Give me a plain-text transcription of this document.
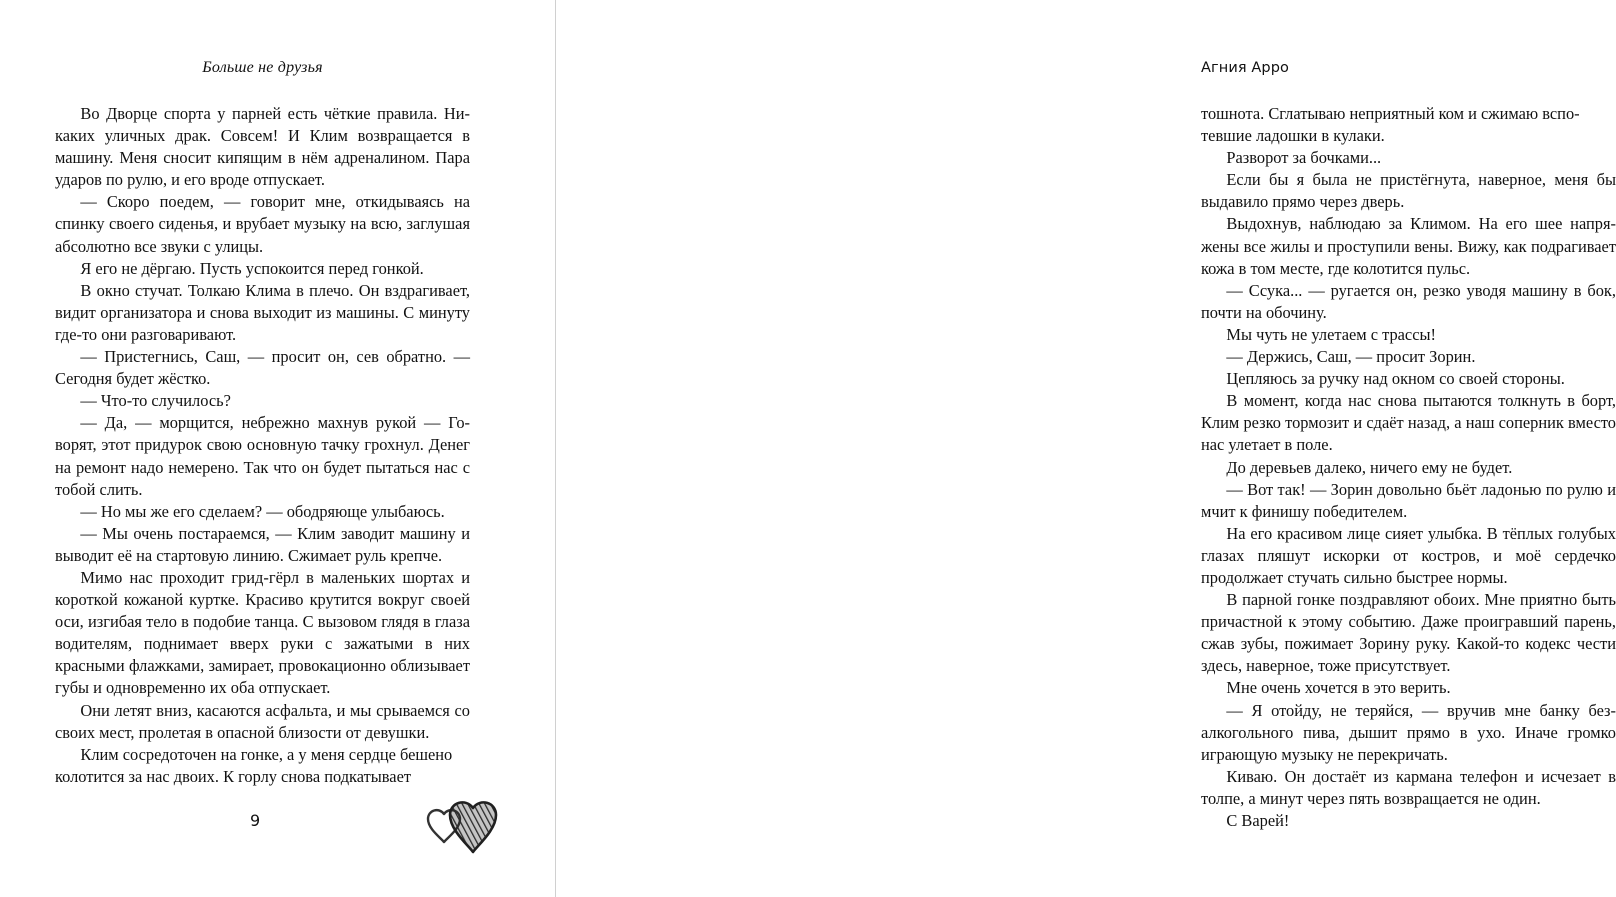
Больше не друзья

Во Дворце спорта у парней есть чёткие правила. Никаких уличных драк. Совсем! И Клим возвращается в машину. Меня сносит кипящим в нём адреналином. Пара ударов по рулю, и его вроде отпускает.

— Скоро поедем, — говорит мне, откидываясь на спинку своего сиденья, и врубает музыку на всю, заглушая абсолютно все звуки с улицы.

Я его не дёргаю. Пусть успокоится перед гонкой.

В окно стучат. Толкаю Клима в плечо. Он вздрагивает, видит организатора и снова выходит из машины. С минуту где-то они разговаривают.

— Пристегнись, Саш, — просит он, сев обратно. — Сегодня будет жёстко.

— Что-то случилось?

— Да, — морщится, небрежно махнув рукой — Говорят, этот придурок свою основную тачку грохнул. Денег на ремонт надо немерено. Так что он будет пытаться нас с тобой слить.

— Но мы же его сделаем? — ободряюще улыбаюсь.

— Мы очень постараемся, — Клим заводит машину и выводит её на стартовую линию. Сжимает руль крепче.

Мимо нас проходит грид-гёрл в маленьких шортах и короткой кожаной куртке. Красиво крутится вокруг своей оси, изгибая тело в подобие танца. С вызовом глядя в глаза водителям, поднимает вверх руки с зажатыми в них красными флажками, замирает, провокационно облизывает губы и одновременно их оба отпускает.

Они летят вниз, касаются асфальта, и мы срываемся со своих мест, пролетая в опасной близости от девушки.

Клим сосредоточен на гонке, а у меня сердце бешено колотится за нас двоих. К горлу снова подкатывает

9
Агния Арро

тошнота. Сглатываю неприятный ком и сжимаю вспотевшие ладошки в кулаки.

Разворот за бочками...

Если бы я была не пристёгнута, наверное, меня бы выдавило прямо через дверь.

Выдохнув, наблюдаю за Климом. На его шее напряжены все жилы и проступили вены. Вижу, как подрагивает кожа в том месте, где колотится пульс.

— Ссука... — ругается он, резко уводя машину в бок, почти на обочину.

Мы чуть не улетаем с трассы!

— Держись, Саш, — просит Зорин.

Цепляюсь за ручку над окном со своей стороны.

В момент, когда нас снова пытаются толкнуть в борт, Клим резко тормозит и сдаёт назад, а наш соперник вместо нас улетает в поле.

До деревьев далеко, ничего ему не будет.

— Вот так! — Зорин довольно бьёт ладонью по рулю и мчит к финишу победителем.

На его красивом лице сияет улыбка. В тёплых голубых глазах пляшут искорки от костров, и моё сердечко продолжает стучать сильно быстрее нормы.

В парной гонке поздравляют обоих. Мне приятно быть причастной к этому событию. Даже проигравший парень, сжав зубы, пожимает Зорину руку. Какой-то кодекс чести здесь, наверное, тоже присутствует.

Мне очень хочется в это верить.

— Я отойду, не теряйся, — вручив мне банку безалкогольного пива, дышит прямо в ухо. Иначе громко играющую музыку не перекричать.

Киваю. Он достаёт из кармана телефон и исчезает в толпе, а минут через пять возвращается не один.

С Варей!
